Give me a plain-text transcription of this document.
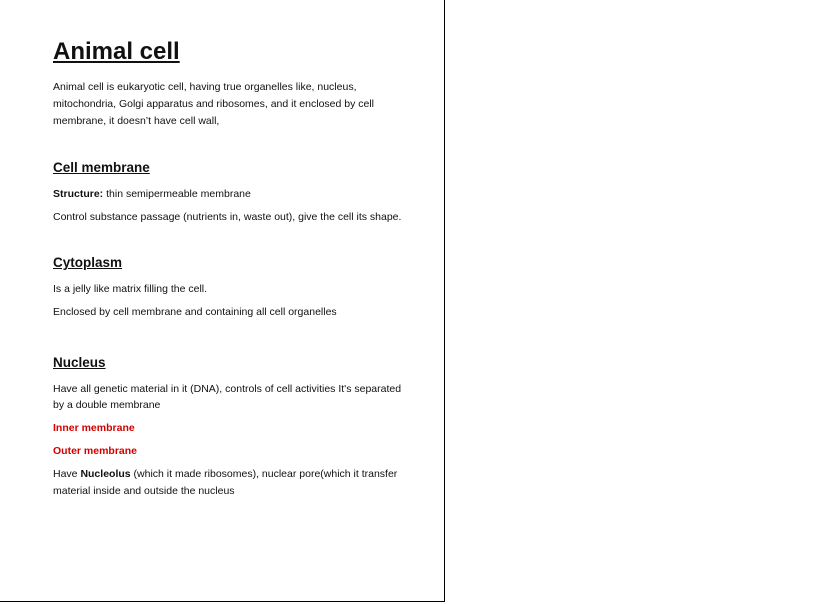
Animal cell

Animal cell is eukaryotic cell, having true organelles like, nucleus, mitochondria, Golgi apparatus and ribosomes, and it enclosed by cell membrane, it doesn’t have cell wall,

Cell membrane

Structure: thin semipermeable membrane

Control substance passage (nutrients in, waste out), give the cell its shape.

Cytoplasm

Is a jelly like matrix filling the cell.

Enclosed by cell membrane and containing all cell organelles

Nucleus

Have all genetic material in it (DNA), controls of cell activities It's separated by a double membrane

Inner membrane

Outer membrane

Have Nucleolus (which it made ribosomes), nuclear pore(which it transfer material inside and outside the nucleus
